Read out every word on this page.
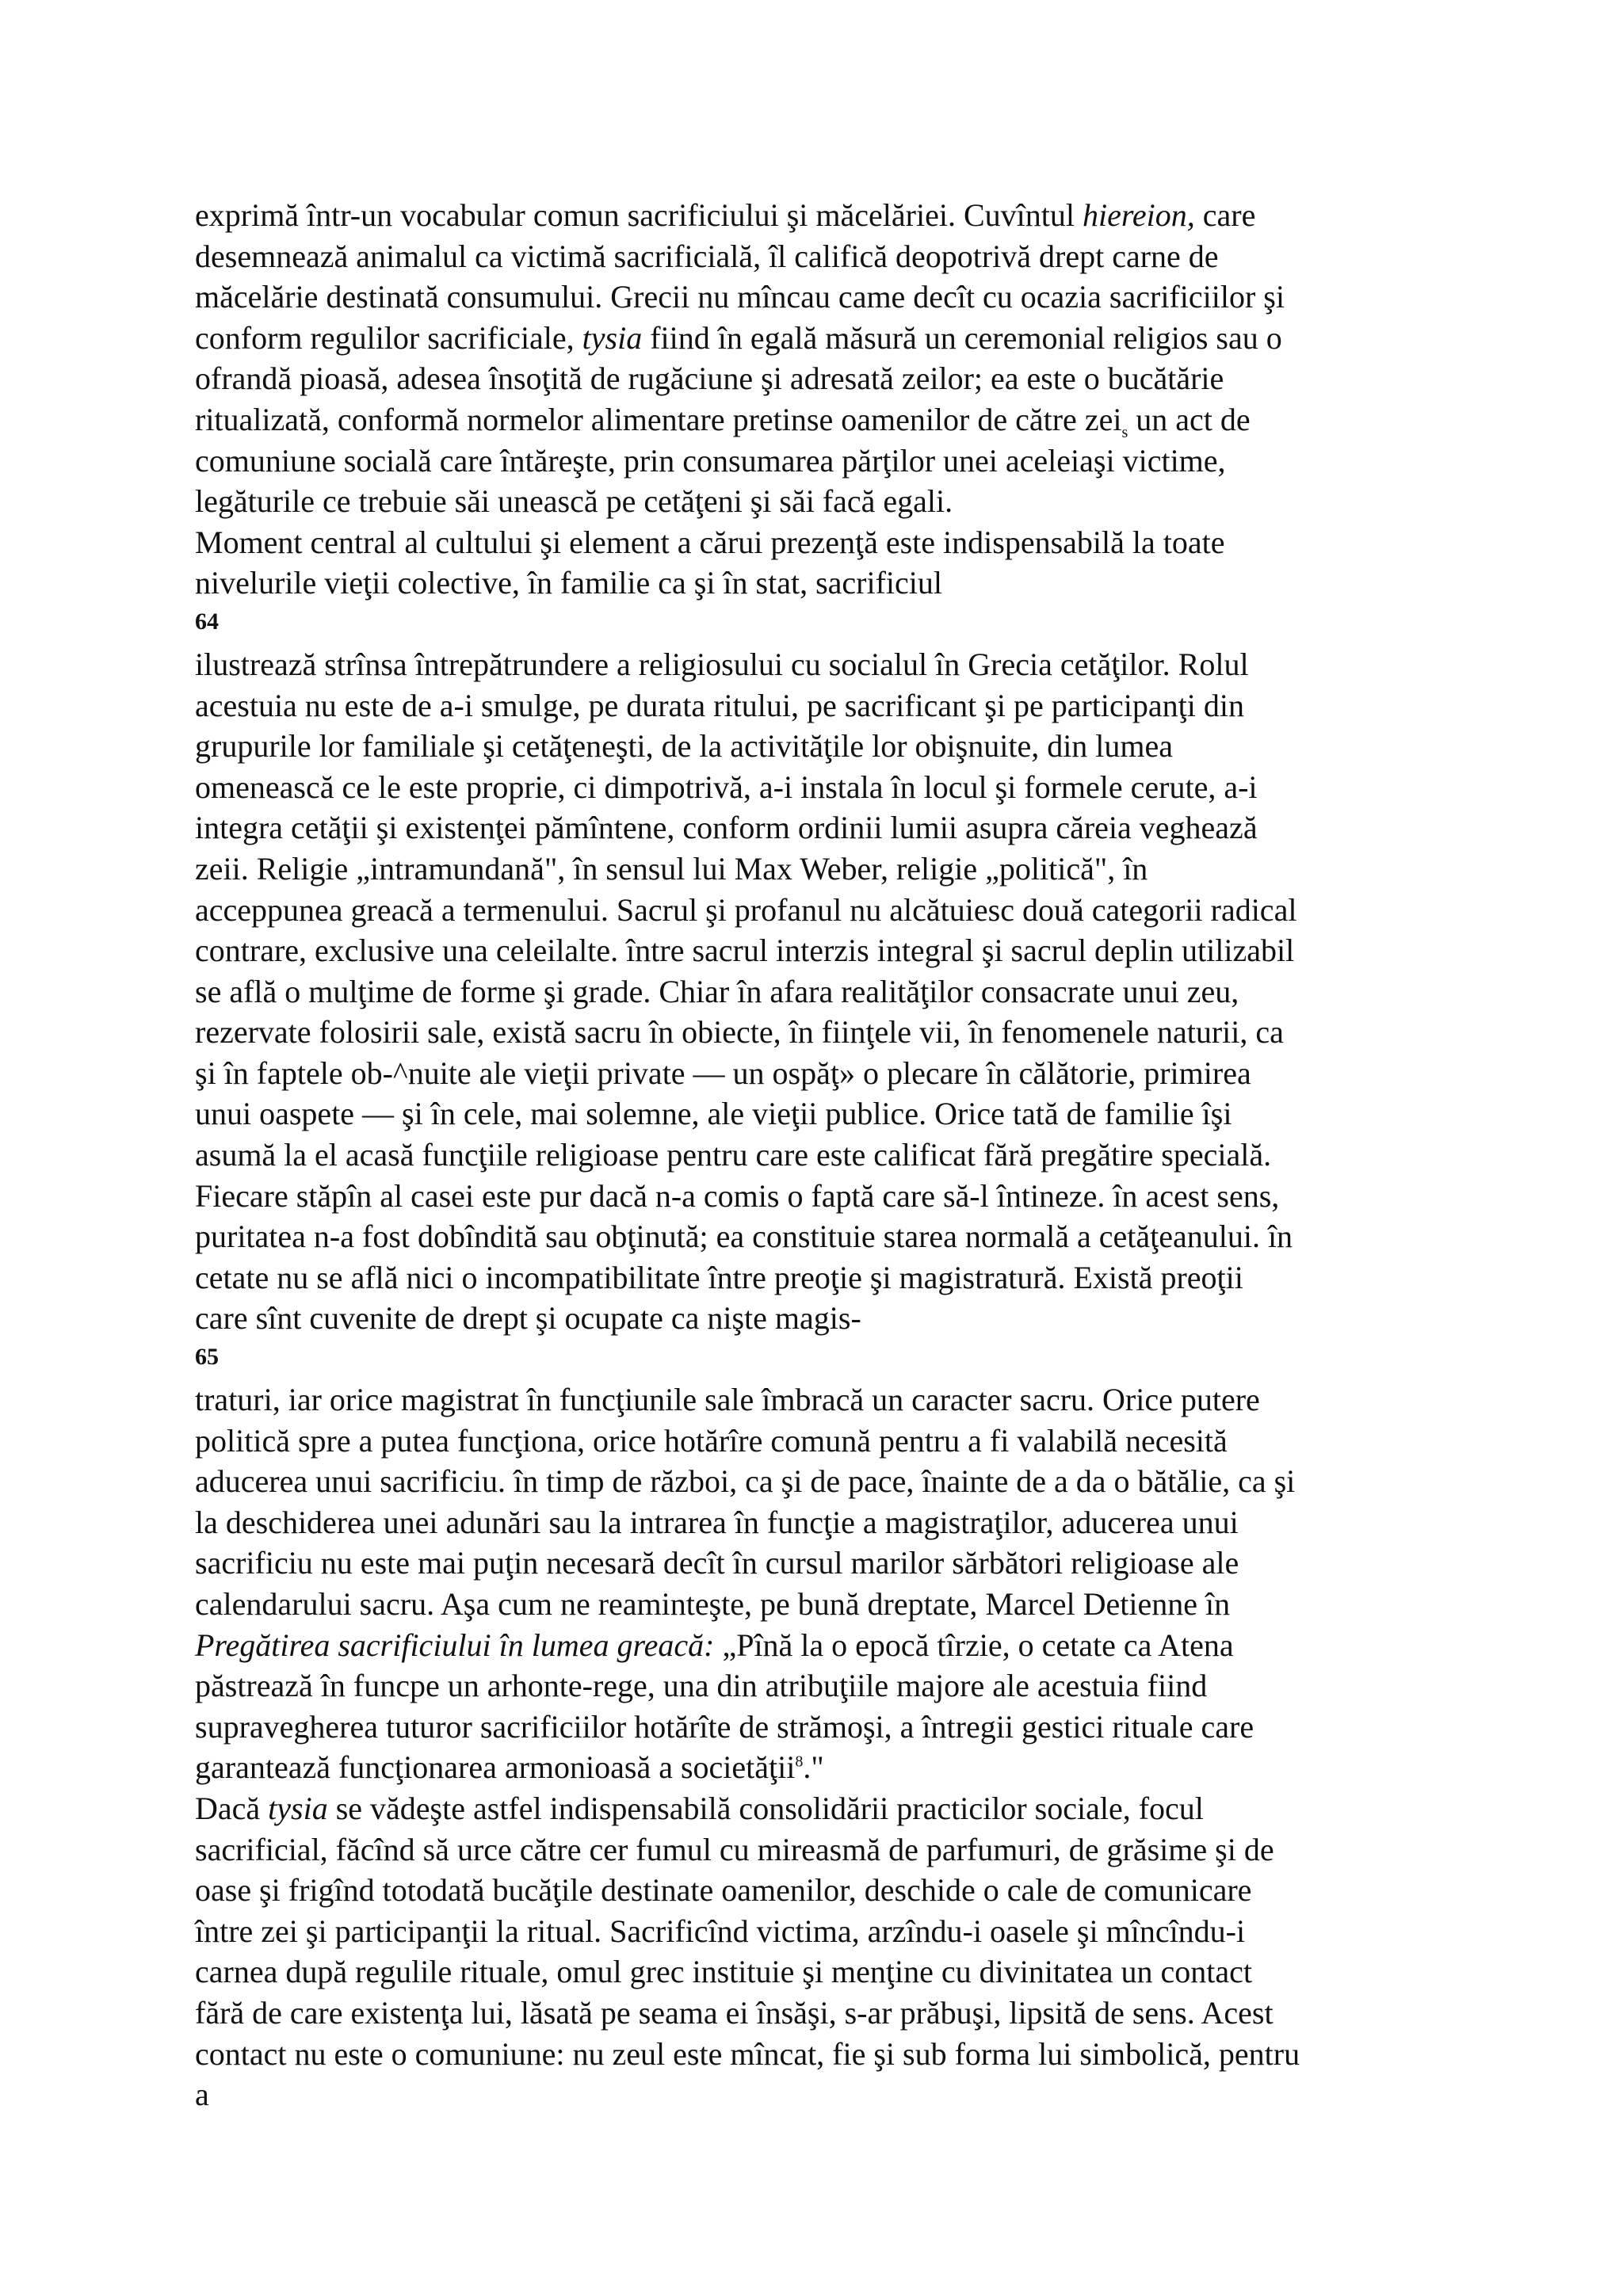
exprimă într-un vocabular comun sacrificiului şi măcelăriei. Cuvîntul hiereion, care
desemnează animalul ca victimă sacrificială, îl califică deopotrivă drept carne de
măcelărie destinată consumului. Grecii nu mîncau came decît cu ocazia sacrificiilor şi
conform regulilor sacrificiale, tysia fiind în egală măsură un ceremonial religios sau o
ofrandă pioasă, adesea însoţită de rugăciune şi adresată zeilor; ea este o bucătărie
ritualizată, conformă normelor alimentare pretinse oamenilor de către zei$_s$ un act de
comuniune socială care întăreşte, prin consumarea părţilor unei aceleiaşi victime,
legăturile ce trebuie săi unească pe cetăţeni şi săi facă egali.
Moment central al cultului şi element a cărui prezenţă este indispensabilă la toate
nivelurile vieţii colective, în familie ca şi în stat, sacrificiul
64
ilustrează strînsa întrepătrundere a religiosului cu socialul în Grecia cetăţilor. Rolul
acestuia nu este de a-i smulge, pe durata ritului, pe sacrificant şi pe participanţi din
grupurile lor familiale şi cetăţeneşti, de la activităţile lor obişnuite, din lumea
omenească ce le este proprie, ci dimpotrivă, a-i instala în locul şi formele cerute, a-i
integra cetăţii şi existenţei pămîntene, conform ordinii lumii asupra căreia veghează
zeii. Religie „intramundană", în sensul lui Max Weber, religie „politică", în
acceppunea greacă a termenului. Sacrul şi profanul nu alcătuiesc două categorii radical
contrare, exclusive una celeilalte. între sacrul interzis integral şi sacrul deplin utilizabil
se află o mulţime de forme şi grade. Chiar în afara realităţilor consacrate unui zeu,
rezervate folosirii sale, există sacru în obiecte, în fiinţele vii, în fenomenele naturii, ca
şi în faptele ob-^nuite ale vieţii private — un ospăţ» o plecare în călătorie, primirea
unui oaspete — şi în cele, mai solemne, ale vieţii publice. Orice tată de familie îşi
asumă la el acasă funcţiile religioase pentru care este calificat fără pregătire specială.
Fiecare stăpîn al casei este pur dacă n-a comis o faptă care să-l întineze. în acest sens,
puritatea n-a fost dobîndită sau obţinută; ea constituie starea normală a cetăţeanului. în
cetate nu se află nici o incompatibilitate între preoţie şi magistratură. Există preoţii
care sînt cuvenite de drept şi ocupate ca nişte magis-
65
traturi, iar orice magistrat în funcţiunile sale îmbracă un caracter sacru. Orice putere
politică spre a putea funcţiona, orice hotărîre comună pentru a fi valabilă necesită
aducerea unui sacrificiu. în timp de război, ca şi de pace, înainte de a da o bătălie, ca şi
la deschiderea unei adunări sau la intrarea în funcţie a magistraţilor, aducerea unui
sacrificiu nu este mai puţin necesară decît în cursul marilor sărbători religioase ale
calendarului sacru. Aşa cum ne reaminteşte, pe bună dreptate, Marcel Detienne în
Pregătirea sacrificiului în lumea greacă: „Pînă la o epocă tîrzie, o cetate ca Atena
păstrează în funcpe un arhonte-rege, una din atribuţiile majore ale acestuia fiind
supravegherea tuturor sacrificiilor hotărîte de strămoşi, a întregii gestici rituale care
garantează funcţionarea armonioasă a societăţii$^8$."
Dacă tysia se vădeşte astfel indispensabilă consolidării practicilor sociale, focul
sacrificial, făcînd să urce către cer fumul cu mireasmă de parfumuri, de grăsime şi de
oase şi frigînd totodată bucăţile destinate oamenilor, deschide o cale de comunicare
între zei şi participanţii la ritual. Sacrificînd victima, arzîndu-i oasele şi mîncîndu-i
carnea după regulile rituale, omul grec instituie şi menţine cu divinitatea un contact
fără de care existenţa lui, lăsată pe seama ei însăşi, s-ar prăbuşi, lipsită de sens. Acest
contact nu este o comuniune: nu zeul este mîncat, fie şi sub forma lui simbolică, pentru
a
